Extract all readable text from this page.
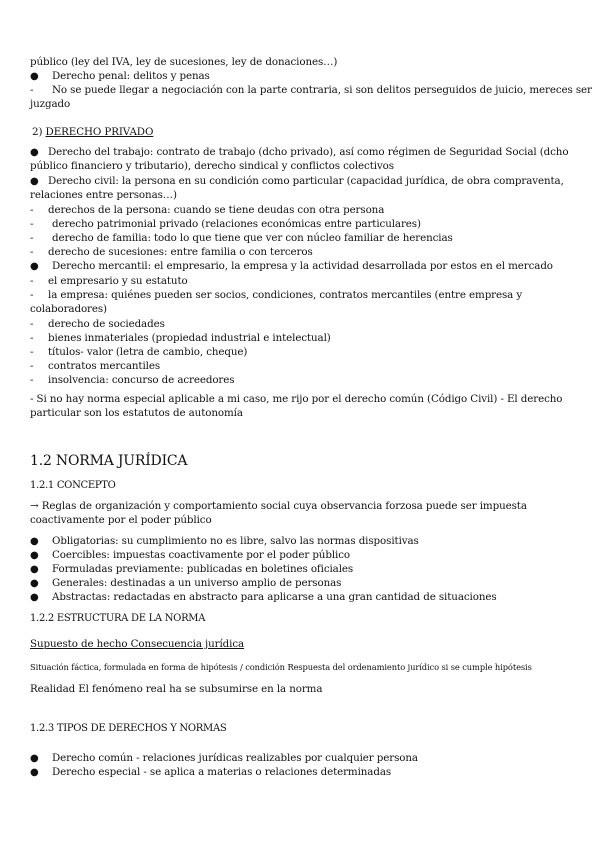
público (ley del IVA, ley de sucesiones, ley de donaciones…)
● Derecho penal: delitos y penas
- No se puede llegar a negociación con la parte contraria, si son delitos perseguidos de juicio, mereces ser
juzgado
2) DERECHO PRIVADO
● Derecho del trabajo: contrato de trabajo (dcho privado), así como régimen de Seguridad Social (dcho
público financiero y tributario), derecho sindical y conflictos colectivos
● Derecho civil: la persona en su condición como particular (capacidad jurídica, de obra compraventa,
relaciones entre personas…)
- derechos de la persona: cuando se tiene deudas con otra persona
- derecho patrimonial privado (relaciones económicas entre particulares)
- derecho de familia: todo lo que tiene que ver con núcleo familiar de herencias
- derecho de sucesiones: entre familia o con terceros
● Derecho mercantil: el empresario, la empresa y la actividad desarrollada por estos en el mercado
- el empresario y su estatuto
- la empresa: quiénes pueden ser socios, condiciones, contratos mercantiles (entre empresa y
colaboradores)
- derecho de sociedades
- bienes inmateriales (propiedad industrial e intelectual)
- títulos- valor (letra de cambio, cheque)
- contratos mercantiles
- insolvencia: concurso de acreedores
- Si no hay norma especial aplicable a mi caso, me rijo por el derecho común (Código Civil) - El derecho
particular son los estatutos de autonomía
1.2 NORMA JURÍDICA
1.2.1 CONCEPTO
→ Reglas de organización y comportamiento social cuya observancia forzosa puede ser impuesta
coactivamente por el poder público
● Obligatorias: su cumplimiento no es libre, salvo las normas dispositivas
● Coercibles: impuestas coactivamente por el poder público
● Formuladas previamente: publicadas en boletines oficiales
● Generales: destinadas a un universo amplio de personas
● Abstractas: redactadas en abstracto para aplicarse a una gran cantidad de situaciones
1.2.2 ESTRUCTURA DE LA NORMA
Supuesto de hecho Consecuencia jurídica
Situación fáctica, formulada en forma de hipótesis / condición Respuesta del ordenamiento jurídico si se cumple hipótesis
Realidad El fenómeno real ha se subsumirse en la norma
1.2.3 TIPOS DE DERECHOS Y NORMAS
● Derecho común - relaciones jurídicas realizables por cualquier persona
● Derecho especial - se aplica a materias o relaciones determinadas
